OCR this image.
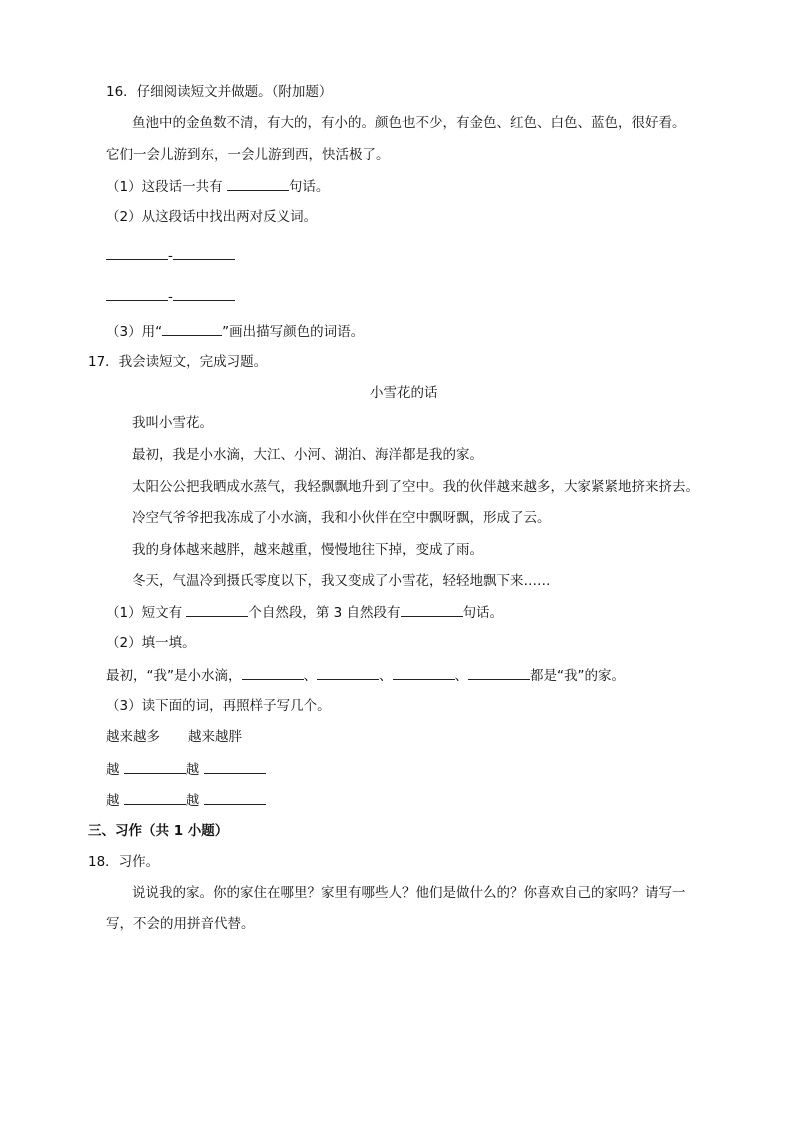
16．仔细阅读短文并做题。（附加题）
鱼池中的金鱼数不清，有大的，有小的。颜色也不少，有金色、红色、白色、蓝色，很好看。
它们一会儿游到东，一会儿游到西，快活极了。
（1）这段话一共有	句话。
（2）从这段话中找出两对反义词。
-
-
（3）用“	”画出描写颜色的词语。
17．我会读短文，完成习题。
小雪花的话
我叫小雪花。
最初，我是小水滴，大江、小河、湖泊、海洋都是我的家。
太阳公公把我晒成水蒸气，我轻飘飘地升到了空中。我的伙伴越来越多，大家紧紧地挤来挤去。
冷空气爷爷把我冻成了小水滴，我和小伙伴在空中飘呀飘，形成了云。
我的身体越来越胖，越来越重，慢慢地往下掉，变成了雨。
冬天，气温冷到摄氏零度以下，我又变成了小雪花，轻轻地飘下来……
（1）短文有	个自然段，第 3 自然段有	句话。
（2）填一填。
最初，“我”是小水滴，	、	、	、	都是“我”的家。
（3）读下面的词，再照样子写几个。
越来越多 越来越胖
越	越
越	越
三、习作（共 1 小题）
18．习作。
说说我的家。你的家住在哪里？家里有哪些人？他们是做什么的？你喜欢自己的家吗？请写一
写，不会的用拼音代替。
